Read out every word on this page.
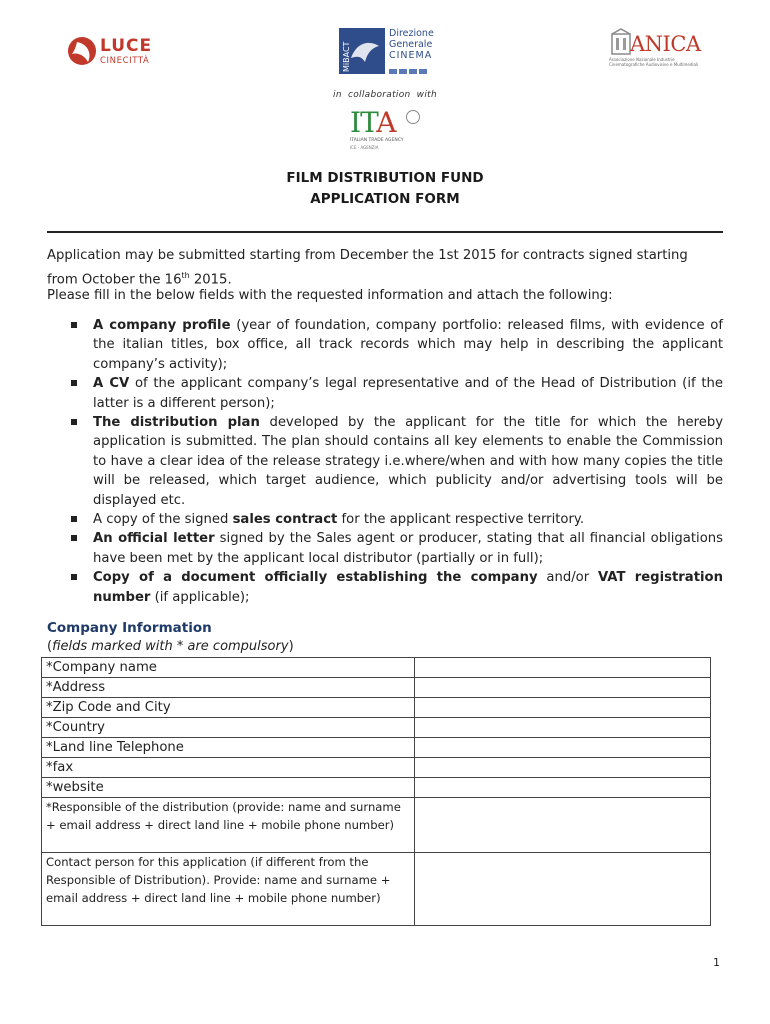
LUCE
CINECITTÀ	MiBACT
Direzione
Generale
CINEMA	ANICA
Associazione Nazionale Industrie Cinematografiche Audiovisive e Multimediali
in collaboration with
ITA
ITALIAN TRADE AGENCY
ICE - AGENZIA
FILM DISTRIBUTION FUND
APPLICATION FORM
Application may be submitted starting from December the 1st 2015 for contracts signed starting
from October the 16th 2015.
Please fill in the below fields with the requested information and attach the following:
A company profile (year of foundation, company portfolio: released films, with evidence of the italian titles, box office, all track records which may help in describing the applicant company’s activity);
A CV of the applicant company’s legal representative and of the Head of Distribution (if the latter is a different person);
The distribution plan developed by the applicant for the title for which the hereby application is submitted. The plan should contains all key elements to enable the Commission to have a clear idea of the release strategy i.e.where/when and with how many copies the title will be released, which target audience, which publicity and/or advertising tools will be displayed etc.
A copy of the signed sales contract for the applicant respective territory.
An official letter signed by the Sales agent or producer, stating that all financial obligations have been met by the applicant local distributor (partially or in full);
Copy of a document officially establishing the company and/or VAT registration number (if applicable);
Company Information
(fields marked with * are compulsory)
*Company name	
*Address	
*Zip Code and City	
*Country	
*Land line Telephone	
*fax	
*website	
*Responsible of the distribution (provide: name and surname + email address + direct land line + mobile phone number)	
Contact person for this application (if different from the Responsible of Distribution). Provide: name and surname + email address + direct land line + mobile phone number)	
1
